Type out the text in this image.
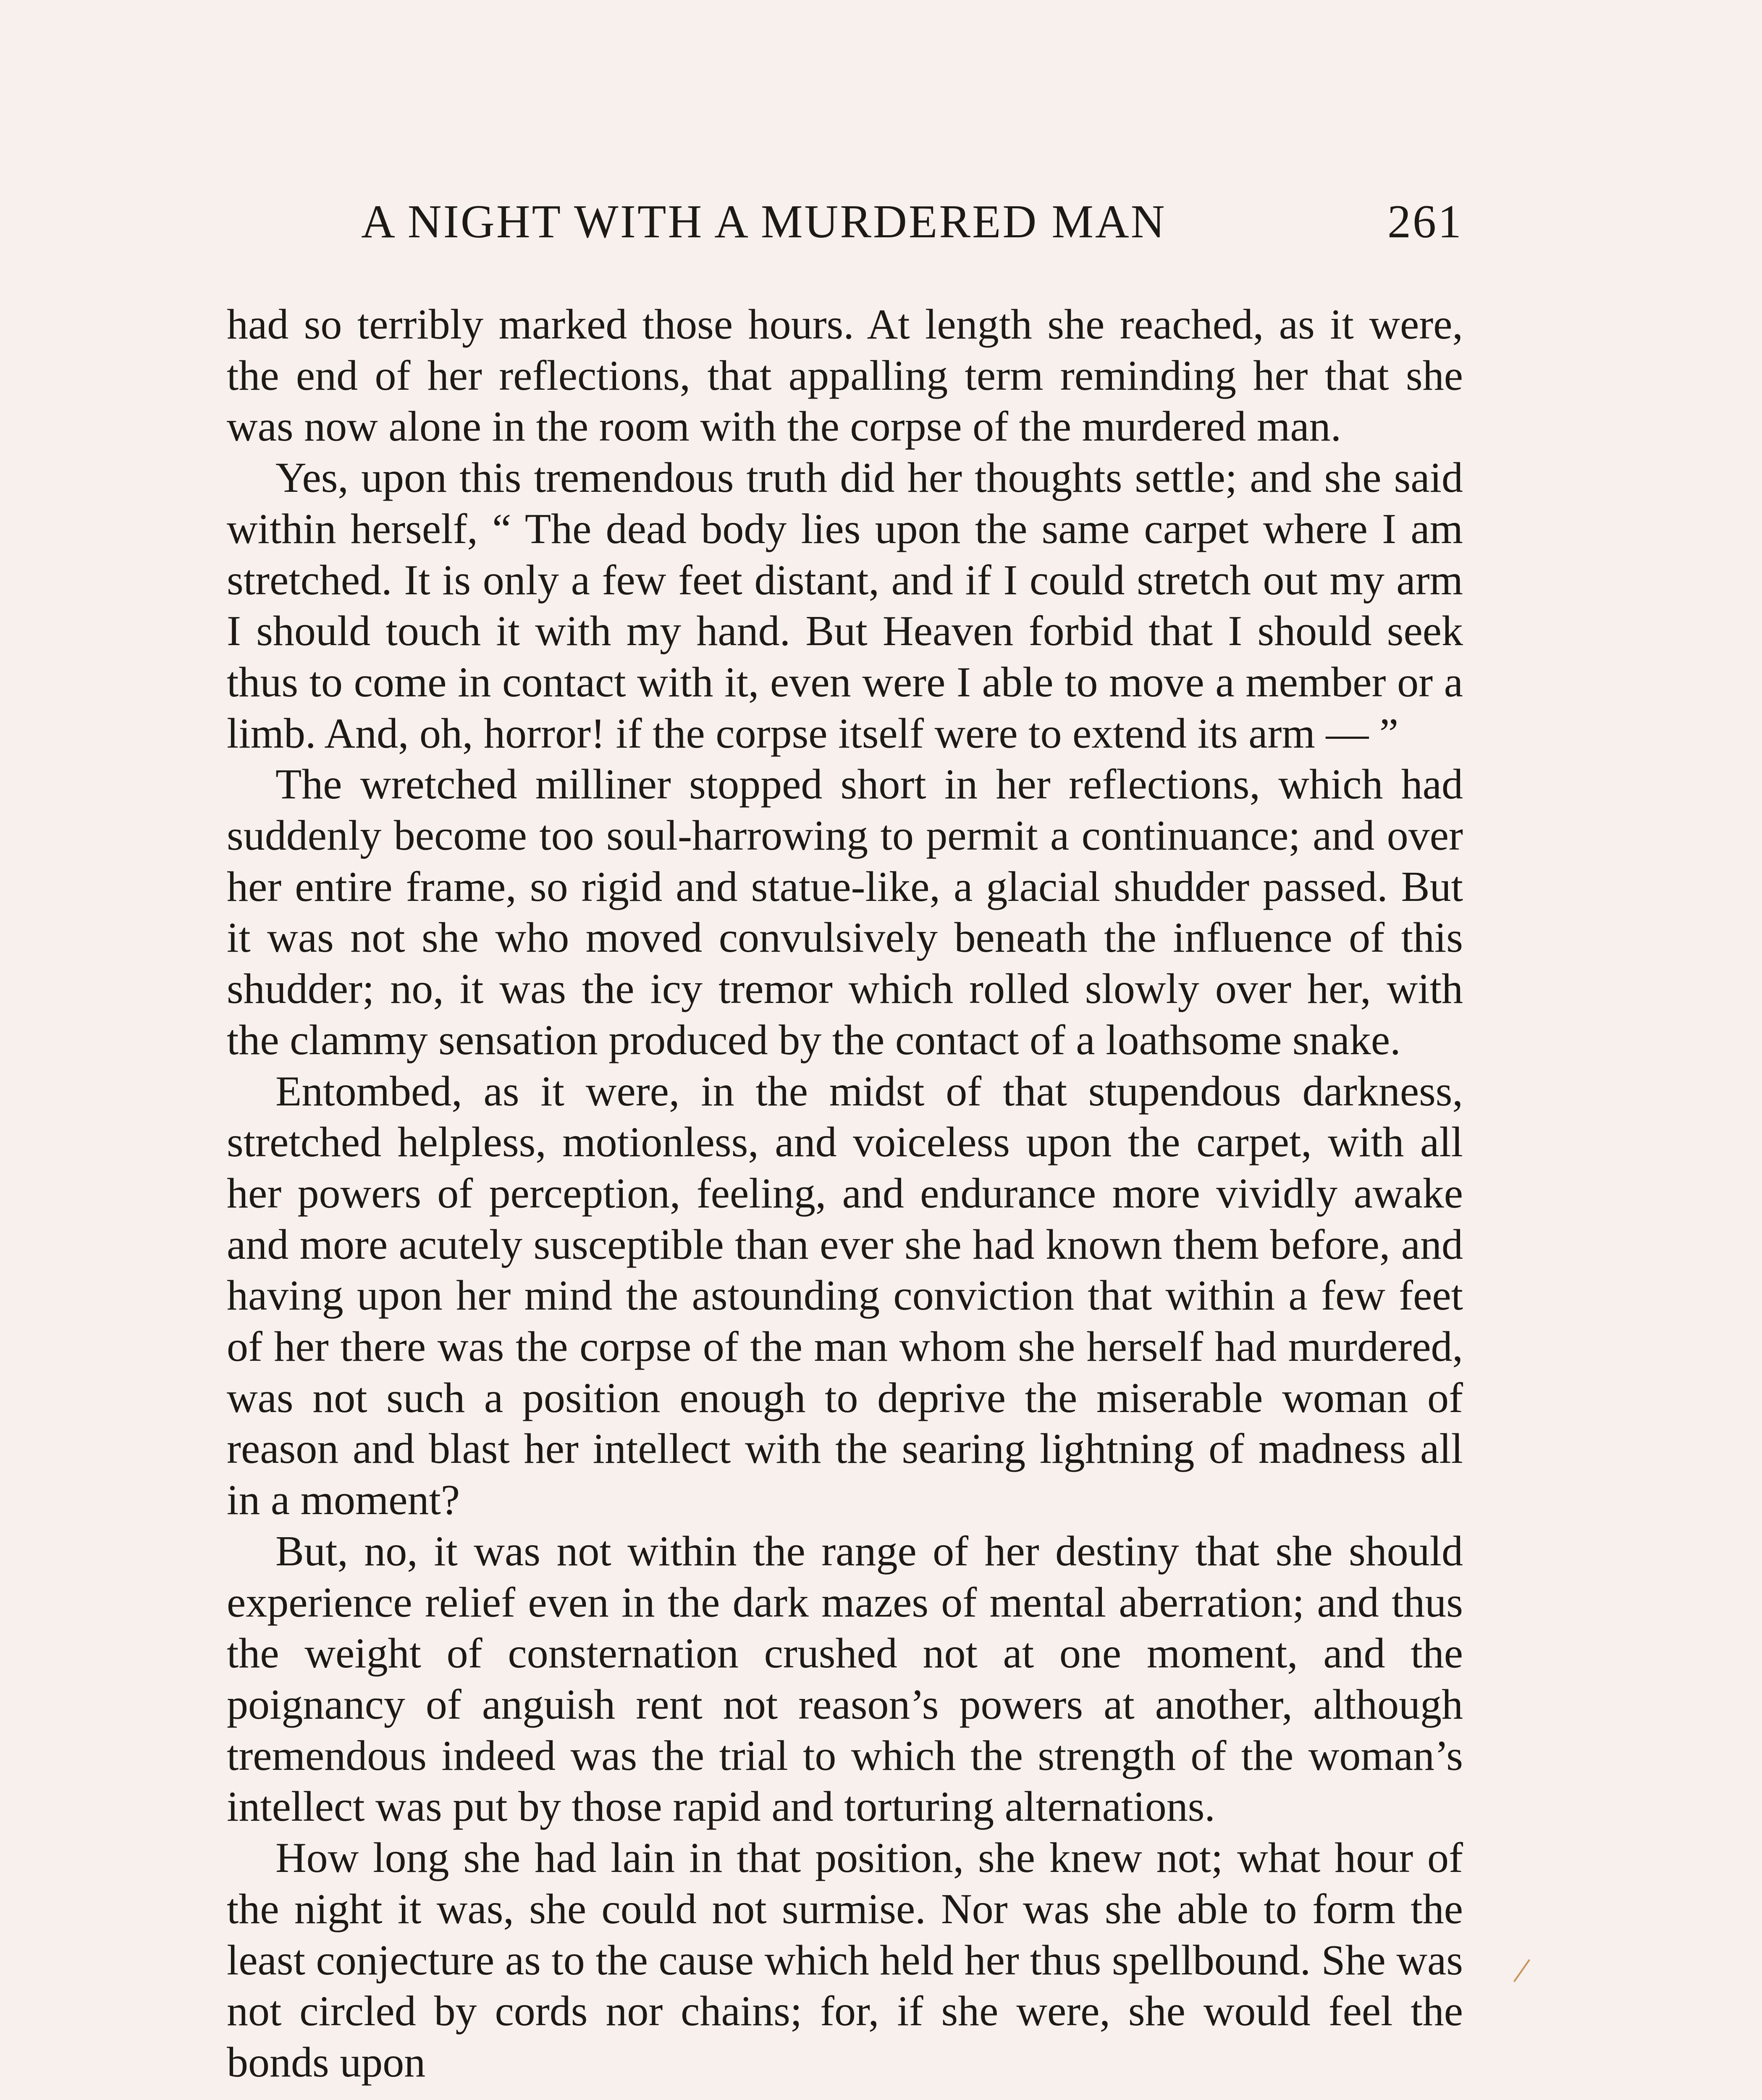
A NIGHT WITH A MURDERED MAN	261

had so terribly marked those hours. At length she reached, as it were, the end of her reflections, that appalling term reminding her that she was now alone in the room with the corpse of the murdered man.

Yes, upon this tremendous truth did her thoughts settle; and she said within herself, “ The dead body lies upon the same carpet where I am stretched. It is only a few feet distant, and if I could stretch out my arm I should touch it with my hand. But Heaven forbid that I should seek thus to come in contact with it, even were I able to move a member or a limb. And, oh, horror! if the corpse itself were to extend its arm — ”

The wretched milliner stopped short in her reflections, which had suddenly become too soul-harrowing to permit a continuance; and over her entire frame, so rigid and statue-like, a glacial shudder passed. But it was not she who moved convulsively beneath the influence of this shudder; no, it was the icy tremor which rolled slowly over her, with the clammy sensation produced by the contact of a loathsome snake.

Entombed, as it were, in the midst of that stupendous darkness, stretched helpless, motionless, and voiceless upon the carpet, with all her powers of perception, feeling, and endurance more vividly awake and more acutely susceptible than ever she had known them before, and having upon her mind the astounding conviction that within a few feet of her there was the corpse of the man whom she herself had murdered, was not such a position enough to deprive the miserable woman of reason and blast her intellect with the searing lightning of madness all in a moment?

But, no, it was not within the range of her destiny that she should experience relief even in the dark mazes of mental aberration; and thus the weight of consternation crushed not at one moment, and the poignancy of anguish rent not reason’s powers at another, although tremendous indeed was the trial to which the strength of the woman’s intellect was put by those rapid and torturing alternations.

How long she had lain in that position, she knew not; what hour of the night it was, she could not surmise. Nor was she able to form the least conjecture as to the cause which held her thus spellbound. She was not circled by cords nor chains; for, if she were, she would feel the bonds upon
